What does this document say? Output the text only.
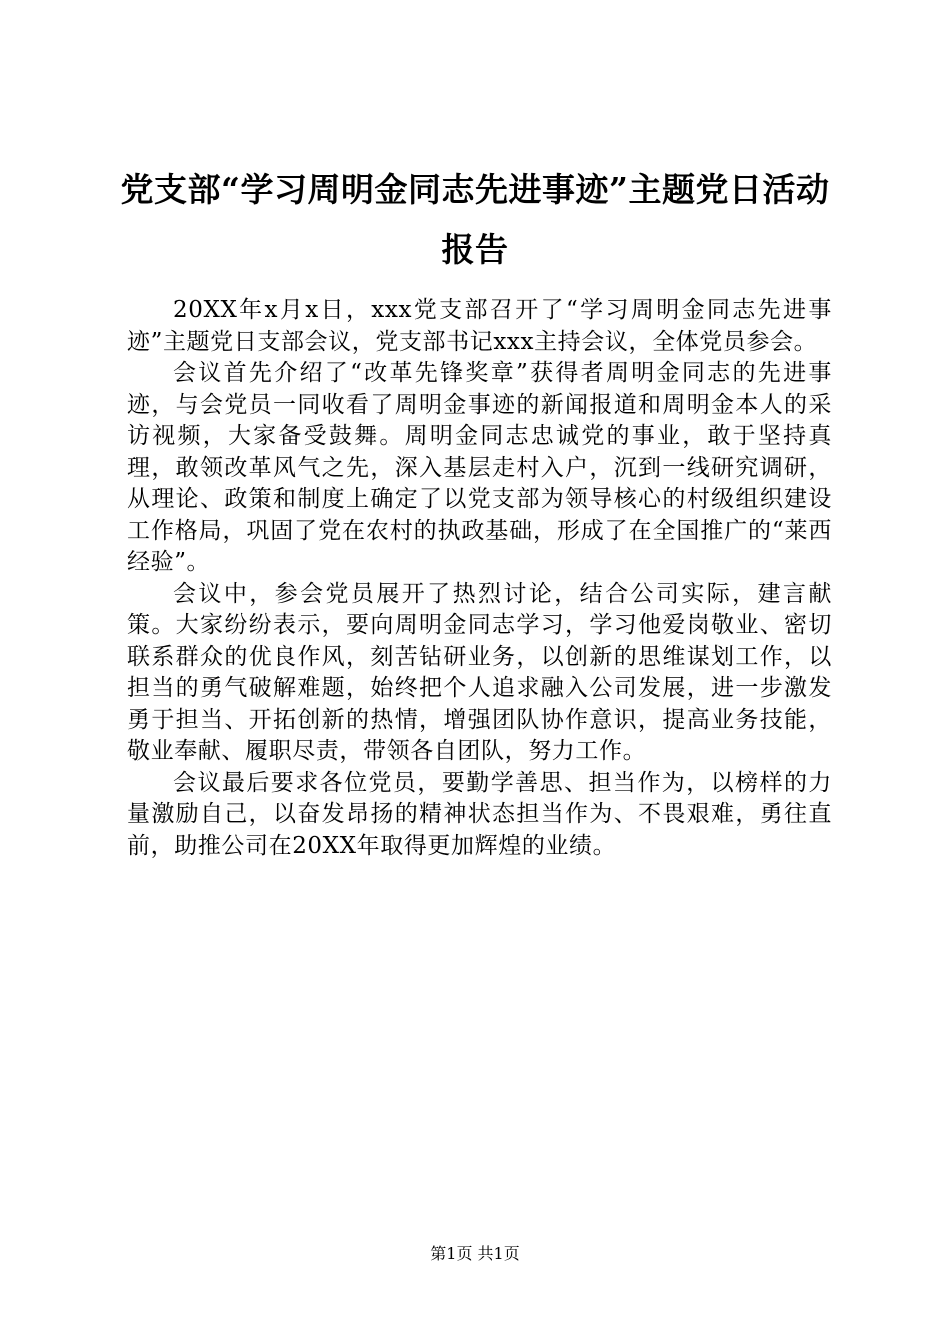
党支部“学习周明金同志先进事迹”主题党日活动报告

20XX年x月x日，xxx党支部召开了“学习周明金同志先进事迹”主题党日支部会议，党支部书记xxx主持会议，全体党员参会。

会议首先介绍了“改革先锋奖章”获得者周明金同志的先进事迹，与会党员一同收看了周明金事迹的新闻报道和周明金本人的采访视频，大家备受鼓舞。周明金同志忠诚党的事业，敢于坚持真理，敢领改革风气之先，深入基层走村入户，沉到一线研究调研，从理论、政策和制度上确定了以党支部为领导核心的村级组织建设工作格局，巩固了党在农村的执政基础，形成了在全国推广的“莱西经验”。

会议中，参会党员展开了热烈讨论，结合公司实际，建言献策。大家纷纷表示，要向周明金同志学习，学习他爱岗敬业、密切联系群众的优良作风，刻苦钻研业务，以创新的思维谋划工作，以担当的勇气破解难题，始终把个人追求融入公司发展，进一步激发勇于担当、开拓创新的热情，增强团队协作意识，提高业务技能，敬业奉献、履职尽责，带领各自团队，努力工作。

会议最后要求各位党员，要勤学善思、担当作为，以榜样的力量激励自己，以奋发昂扬的精神状态担当作为、不畏艰难，勇往直前，助推公司在20XX年取得更加辉煌的业绩。

第1页 共1页
